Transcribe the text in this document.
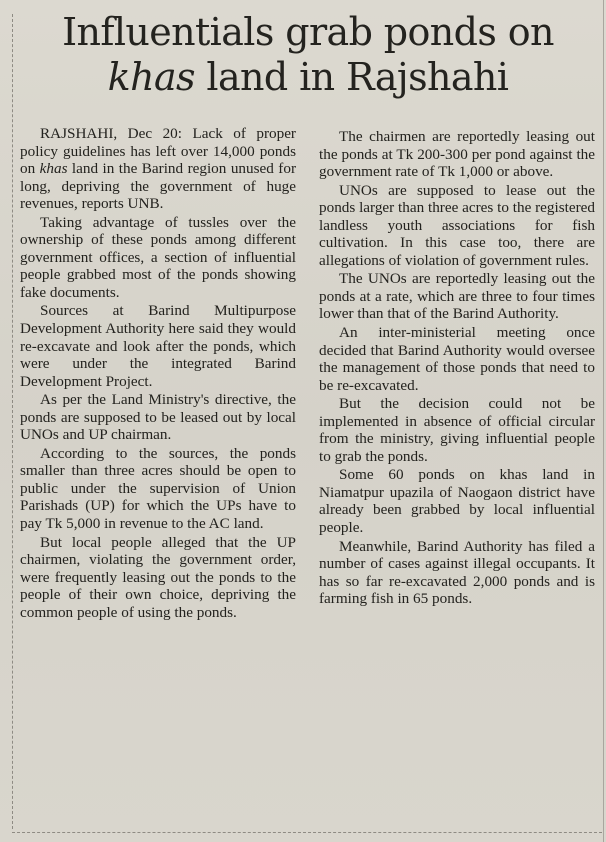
Influentials grab ponds on
khas land in Rajshahi

RAJSHAHI, Dec 20: Lack of proper policy guidelines has left over 14,000 ponds on khas land in the Barind region unused for long, depriving the government of huge revenues, reports UNB.

Taking advantage of tussles over the ownership of these ponds among different government offices, a section of influential people grabbed most of the ponds showing fake documents.

Sources at Barind Multipurpose Development Authority here said they would re-excavate and look after the ponds, which were under the integrated Barind Development Project.

As per the Land Ministry's directive, the ponds are supposed to be leased out by local UNOs and UP chairman.

According to the sources, the ponds smaller than three acres should be open to public under the supervision of Union Parishads (UP) for which the UPs have to pay Tk 5,000 in revenue to the AC land.

But local people alleged that the UP chairmen, violating the government order, were frequently leasing out the ponds to the people of their own choice, depriving the common people of using the ponds.

The chairmen are reportedly leasing out the ponds at Tk 200-300 per pond against the government rate of Tk 1,000 or above.

UNOs are supposed to lease out the ponds larger than three acres to the registered landless youth associations for fish cultivation. In this case too, there are allegations of violation of government rules.

The UNOs are reportedly leasing out the ponds at a rate, which are three to four times lower than that of the Barind Authority.

An inter-ministerial meeting once decided that Barind Authority would oversee the management of those ponds that need to be re-excavated.

But the decision could not be implemented in absence of official circular from the ministry, giving influential people to grab the ponds.

Some 60 ponds on khas land in Niamatpur upazila of Naogaon district have already been grabbed by local influential people.

Meanwhile, Barind Authority has filed a number of cases against illegal occupants. It has so far re-excavated 2,000 ponds and is farming fish in 65 ponds.
